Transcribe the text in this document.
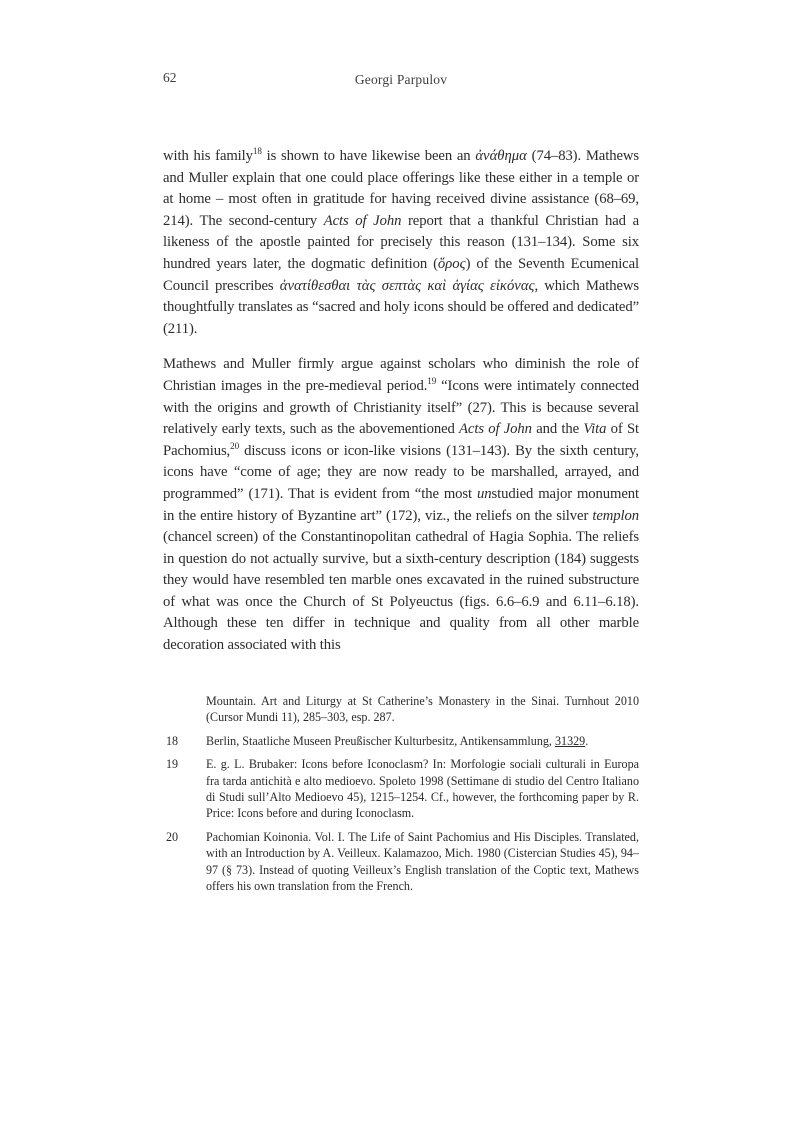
62	Georgi Parpulov

with his family$^{18}$ is shown to have likewise been an ἀνάθημα (74–83). Mathews and Muller explain that one could place offerings like these either in a temple or at home – most often in gratitude for having received divine assistance (68–69, 214). The second-century Acts of John report that a thankful Christian had a likeness of the apostle painted for precisely this reason (131–134). Some six hundred years later, the dogmatic definition (ὅρος) of the Seventh Ecumenical Council prescribes ἀνατίθεσθαι τὰς σεπτὰς καὶ ἁγίας εἰκόνας, which Mathews thoughtfully translates as “sacred and holy icons should be offered and dedicated” (211).

Mathews and Muller firmly argue against scholars who diminish the role of Christian images in the pre-medieval period.$^{19}$ “Icons were intimately connected with the origins and growth of Christianity itself” (27). This is because several relatively early texts, such as the abovementioned Acts of John and the Vita of St Pachomius,$^{20}$ discuss icons or icon-like visions (131–143). By the sixth century, icons have “come of age; they are now ready to be marshalled, arrayed, and programmed” (171). That is evident from “the most unstudied major monument in the entire history of Byzantine art” (172), viz., the reliefs on the silver templon (chancel screen) of the Constantinopolitan cathedral of Hagia Sophia. The reliefs in question do not actually survive, but a sixth-century description (184) suggests they would have resembled ten marble ones excavated in the ruined substructure of what was once the Church of St Polyeuctus (figs. 6.6–6.9 and 6.11–6.18). Although these ten differ in technique and quality from all other marble decoration associated with this

Mountain. Art and Liturgy at St Catherine’s Monastery in the Sinai. Turnhout 2010 (Cursor Mundi 11), 285–303, esp. 287.
18 Berlin, Staatliche Museen Preußischer Kulturbesitz, Antikensammlung, 31329.
19 E. g. L. Brubaker: Icons before Iconoclasm? In: Morfologie sociali culturali in Europa fra tarda antichità e alto medioevo. Spoleto 1998 (Settimane di studio del Centro Italiano di Studi sull’Alto Medioevo 45), 1215–1254. Cf., however, the forthcoming paper by R. Price: Icons before and during Iconoclasm.
20 Pachomian Koinonia. Vol. I. The Life of Saint Pachomius and His Disciples. Translated, with an Introduction by A. Veilleux. Kalamazoo, Mich. 1980 (Cistercian Studies 45), 94–97 (§ 73). Instead of quoting Veilleux’s English translation of the Coptic text, Mathews offers his own translation from the French.
